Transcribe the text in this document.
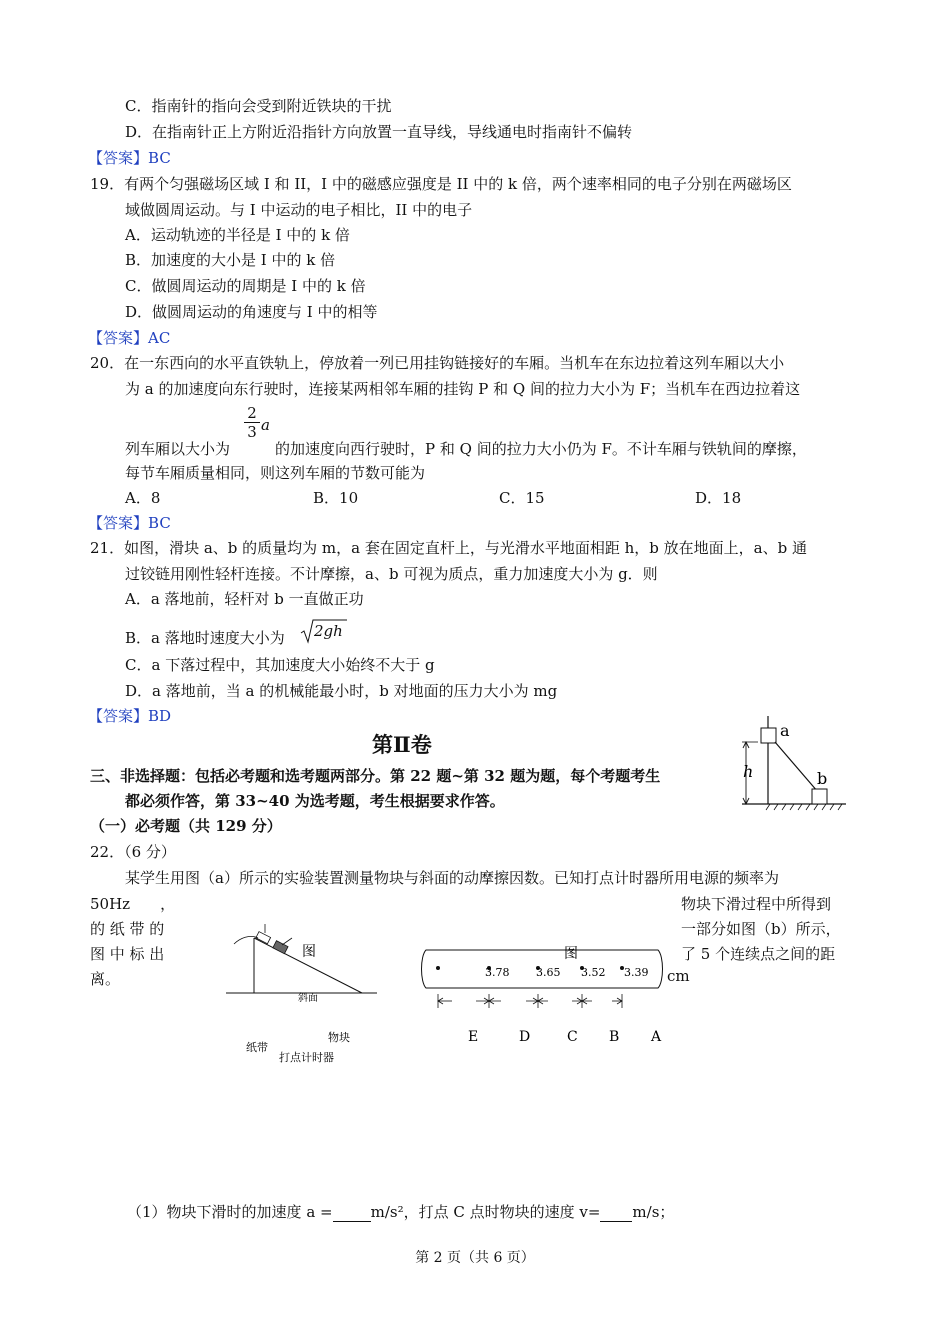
C．指南针的指向会受到附近铁块的干扰
D．在指南针正上方附近沿指针方向放置一直导线，导线通电时指南针不偏转
【答案】BC
19．有两个匀强磁场区域 I 和 II，I 中的磁感应强度是 II 中的 k 倍，两个速率相同的电子分别在两磁场区
域做圆周运动。与 I 中运动的电子相比，II 中的电子
A．运动轨迹的半径是 I 中的 k 倍
B．加速度的大小是 I 中的 k 倍
C．做圆周运动的周期是 I 中的 k 倍
D．做圆周运动的角速度与 I 中的相等
【答案】AC
20．在一东西向的水平直铁轨上，停放着一列已用挂钩链接好的车厢。当机车在东边拉着这列车厢以大小
为 a 的加速度向东行驶时，连接某两相邻车厢的挂钩 P 和 Q 间的拉力大小为 F；当机车在西边拉着这
2
3 a
列车厢以大小为	的加速度向西行驶时，P 和 Q 间的拉力大小仍为 F。不计车厢与铁轨间的摩擦，
每节车厢质量相同，则这列车厢的节数可能为
A．8	B．10	C．15	D．18
【答案】BC
21．如图，滑块 a、b 的质量均为 m，a 套在固定直杆上，与光滑水平地面相距 h，b 放在地面上，a、b 通
过铰链用刚性轻杆连接。不计摩擦，a、b 可视为质点，重力加速度大小为 g．则
A．a 落地前，轻杆对 b 一直做正功
B．a 落地时速度大小为 2gh
C．a 下落过程中，其加速度大小始终不大于 g
D．a 落地前，当 a 的机械能最小时，b 对地面的压力大小为 mg
【答案】BD
a
b
h
第Ⅱ卷
三、非选择题：包括必考题和选考题两部分。第 22 题~第 32 题为题，每个考题考生
都必须作答，第 33~40 为选考题，考生根据要求作答。
（一）必考题（共 129 分）
22．（6 分）
某学生用图（a）所示的实验装置测量物块与斜面的动摩擦因数。已知打点计时器所用电源的频率为
50Hz　　，
的 纸 带 的
图 中 标 出
离。
物块下滑过程中所得到
一部分如图（b）所示，
了 5 个连续点之间的距
图
斜面
物块
纸带
打点计时器
图
3.78 3.65 3.52 3.39
E	D	C B A
cm
（1）物块下滑时的加速度 a =	m/s²，打点 C 点时物块的速度 v= m/s；
第 2 页（共 6 页）
